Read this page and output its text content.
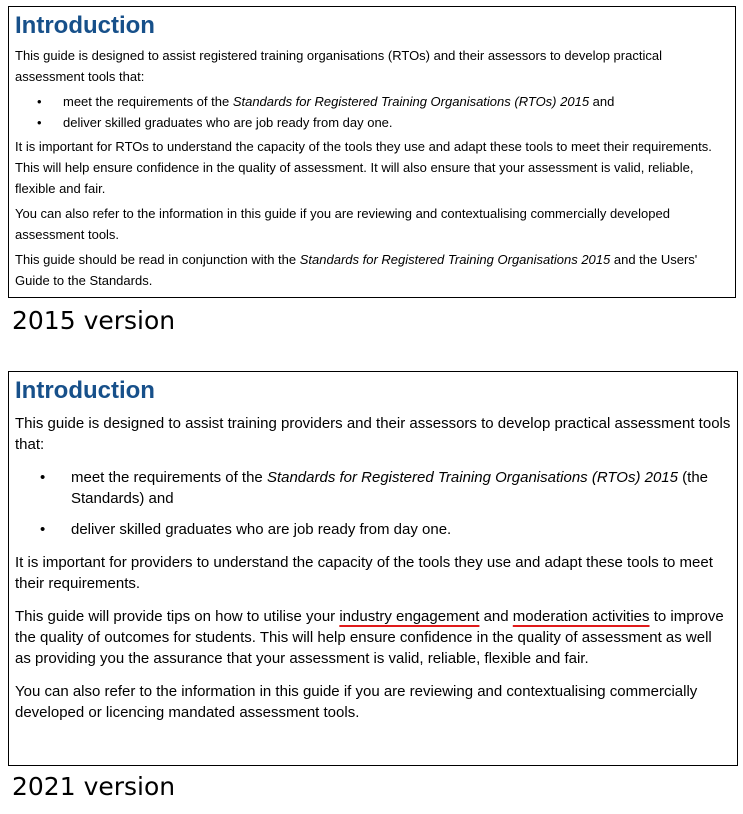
Introduction

This guide is designed to assist registered training organisations (RTOs) and their assessors to develop practical assessment tools that:

• meet the requirements of the Standards for Registered Training Organisations (RTOs) 2015 and
• deliver skilled graduates who are job ready from day one.

It is important for RTOs to understand the capacity of the tools they use and adapt these tools to meet their requirements. This will help ensure confidence in the quality of assessment. It will also ensure that your assessment is valid, reliable, flexible and fair.

You can also refer to the information in this guide if you are reviewing and contextualising commercially developed assessment tools.

This guide should be read in conjunction with the Standards for Registered Training Organisations 2015 and the Users' Guide to the Standards.

2015 version
Introduction

This guide is designed to assist training providers and their assessors to develop practical assessment tools that:

• meet the requirements of the Standards for Registered Training Organisations (RTOs) 2015 (the Standards) and
• deliver skilled graduates who are job ready from day one.

It is important for providers to understand the capacity of the tools they use and adapt these tools to meet their requirements.

This guide will provide tips on how to utilise your industry engagement and moderation activities to improve the quality of outcomes for students. This will help ensure confidence in the quality of assessment as well as providing you the assurance that your assessment is valid, reliable, flexible and fair.

You can also refer to the information in this guide if you are reviewing and contextualising commercially developed or licencing mandated assessment tools.

2021 version
